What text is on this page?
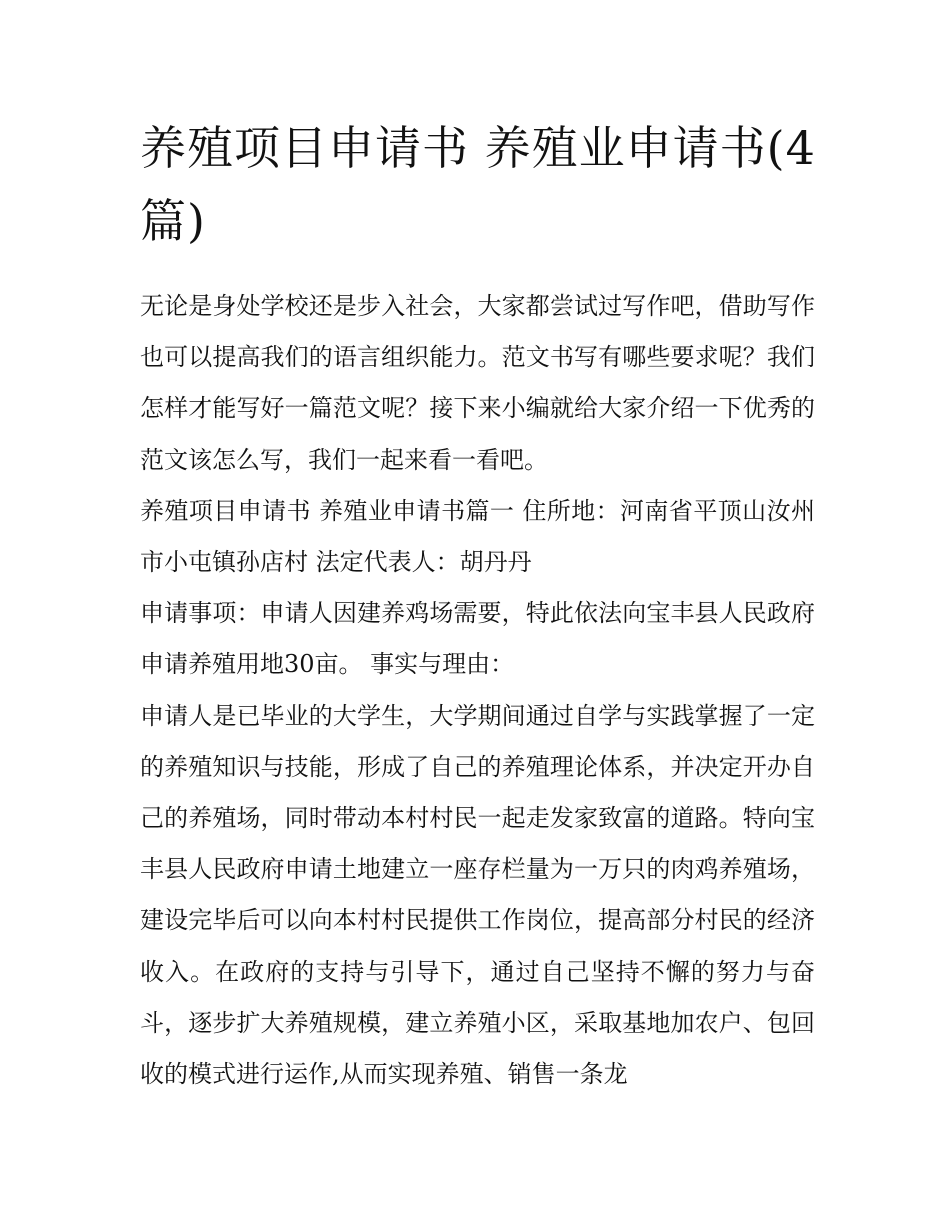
养殖项目申请书 养殖业申请书(4篇)

无论是身处学校还是步入社会，大家都尝试过写作吧，借助写作也可以提高我们的语言组织能力。范文书写有哪些要求呢？我们怎样才能写好一篇范文呢？接下来小编就给大家介绍一下优秀的范文该怎么写，我们一起来看一看吧。

养殖项目申请书 养殖业申请书篇一 住所地：河南省平顶山汝州市小屯镇孙店村 法定代表人：胡丹丹

申请事项：申请人因建养鸡场需要，特此依法向宝丰县人民政府申请养殖用地30亩。 事实与理由：

申请人是已毕业的大学生，大学期间通过自学与实践掌握了一定的养殖知识与技能，形成了自己的养殖理论体系，并决定开办自己的养殖场，同时带动本村村民一起走发家致富的道路。特向宝丰县人民政府申请土地建立一座存栏量为一万只的肉鸡养殖场，建设完毕后可以向本村村民提供工作岗位，提高部分村民的经济收入。在政府的支持与引导下，通过自己坚持不懈的努力与奋斗，逐步扩大养殖规模，建立养殖小区，采取基地加农户、包回收的模式进行运作,从而实现养殖、销售一条龙
